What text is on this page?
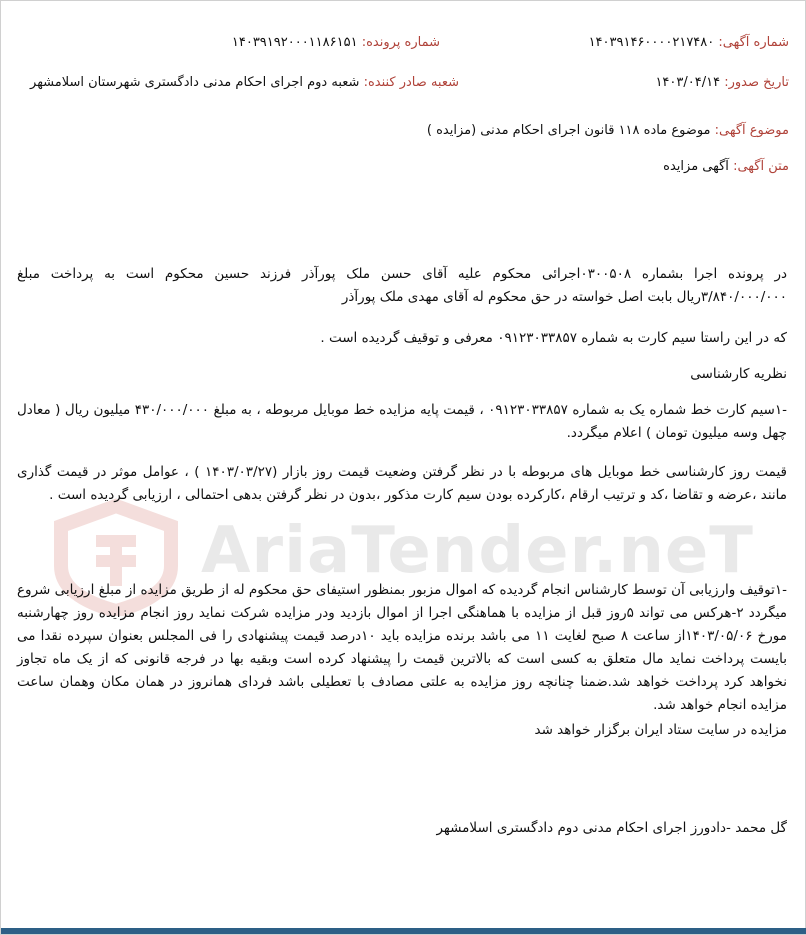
شماره آگهی: ۱۴۰۳۹۱۴۶۰۰۰۰۲۱۷۴۸۰
شماره پرونده: ۱۴۰۳۹۱۹۲۰۰۰۱۱۸۶۱۵۱
تاریخ صدور: ۱۴۰۳/۰۴/۱۴
شعبه صادر کننده: شعبه دوم اجرای احکام مدنی دادگستری شهرستان اسلامشهر
موضوع آگهی: موضوع ماده ۱۱۸ قانون اجرای احکام مدنی (مزایده )
متن آگهی: آگهی مزایده
AriaTender.neT
در پرونده اجرا بشماره ۰۳۰۰۵۰۸اجرائی محکوم علیه آقای حسن ملک پورآذر فرزند حسین محکوم است به پرداخت مبلغ ۳/۸۴۰/۰۰۰/۰۰۰ریال بابت اصل خواسته در حق محکوم له آقای مهدی ملک پورآذر
که در این راستا سیم کارت به شماره ۰۹۱۲۳۰۳۳۸۵۷ معرفی و توقیف گردیده است .
نظریه کارشناسی
-۱سیم کارت خط شماره یک به شماره ۰۹۱۲۳۰۳۳۸۵۷ ، قیمت پایه مزایده خط موبایل مربوطه ، به مبلغ ۴۳۰/۰۰۰/۰۰۰ میلیون ریال ( معادل چهل وسه میلیون تومان ) اعلام میگردد.
قیمت روز کارشناسی خط موبایل های مربوطه با در نظر گرفتن وضعیت قیمت روز بازار (۱۴۰۳/۰۳/۲۷ ) ، عوامل موثر در قیمت گذاری مانند ،عرضه و تقاضا ،کد و ترتیب ارقام ،کارکرده بودن سیم کارت مذکور ،بدون در نظر گرفتن بدهی احتمالی ، ارزیابی گردیده است .
-۱توقیف وارزیابی آن توسط کارشناس انجام گردیده که اموال مزبور بمنظور استیفای حق محکوم له از طریق مزایده از مبلغ ارزیابی شروع میگردد ۲-هرکس می تواند ۵روز قبل از مزایده با هماهنگی اجرا از اموال بازدید ودر مزایده شرکت نماید روز انجام مزایده روز چهارشنبه مورخ ۱۴۰۳/۰۵/۰۶از ساعت ۸ صبح لغایت ۱۱ می باشد برنده مزایده باید ۱۰درصد قیمت پیشنهادی را فی المجلس بعنوان سپرده نقدا می بایست پرداخت نماید مال متعلق به کسی است که بالاترین قیمت را پیشنهاد کرده است وبقیه بها در فرجه قانونی که از یک ماه تجاوز نخواهد کرد پرداخت خواهد شد.ضمنا چنانچه روز مزایده به علتی مصادف با تعطیلی باشد فردای همانروز در همان مکان وهمان ساعت مزایده انجام خواهد شد.
مزایده در سایت ستاد ایران برگزار خواهد شد
گل محمد -دادورز اجرای احکام مدنی دوم دادگستری اسلامشهر
